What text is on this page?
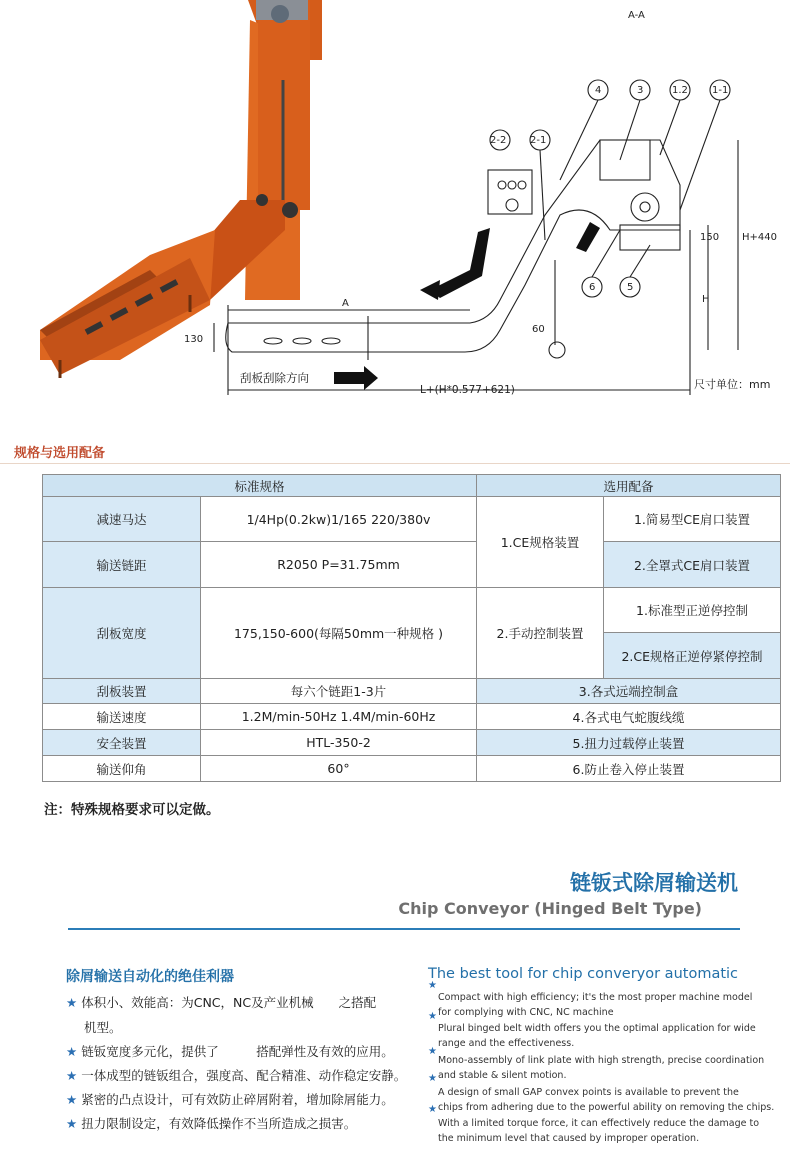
A-A
4	3	1.2 1-1
2-2 2-1
6	5
A
130
60
150 H+440
H
刮板刮除方向
L+(H*0.577+621)	尺寸单位：mm
规格与选用配备
标准规格		选用配备	
减速马达	1/4Hp(0.2kw)1/165 220/380v	1.CE规格装置	1.简易型CE肩口装置
输送链距	R2050 P=31.75mm		2.全罩式CE肩口装置
刮板宽度	175,150-600(每隔50mm一种规格 )	2.手动控制装置	1.标准型正逆停控制
			2.CE规格正逆停紧停控制
刮板装置	每六个链距1-3片	3.各式远端控制盒	
输送速度	1.2M/min-50Hz 1.4M/min-60Hz	4.各式电气蛇腹线缆	
安全装置	HTL-350-2	5.扭力过载停止装置	
输送仰角	60°	6.防止卷入停止装置	
注：特殊规格要求可以定做。
链钣式除屑输送机
Chip Conveyor (Hinged Belt Type)
除屑输送自动化的绝佳利器
★ 体积小、效能高：为CNC，NC及产业机械　　之搭配
机型。
★ 链钣宽度多元化，提供了　　　搭配弹性及有效的应用。
★ 一体成型的链钣组合，强度高、配合精准、动作稳定安静。
★ 紧密的凸点设计，可有效防止碎屑附着，增加除屑能力。
★ 扭力限制设定，有效降低操作不当所造成之损害。
The best tool for chip converyor automatic
★
★
★
★
★
Compact with high efficiency; it's the most proper machine model
for complying with CNC, NC machine
Plural binged belt width offers you the optimal application for wide
range and the effectiveness.
Mono-assembly of link plate with high strength, precise coordination
and stable & silent motion.
A design of small GAP convex points is available to prevent the
chips from adhering due to the powerful ability on removing the chips.
With a limited torque force, it can effectively reduce the damage to
the minimum level that caused by improper operation.
